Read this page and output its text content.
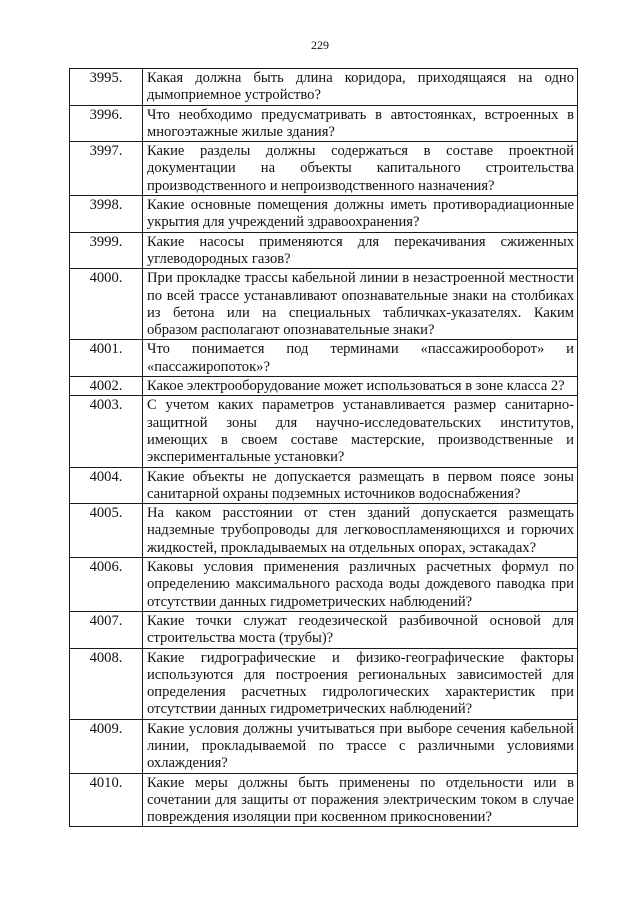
229
3995.	Какая должна быть длина коридора, приходящаяся на одно дымоприемное устройство?
3996.	Что необходимо предусматривать в автостоянках, встроенных в многоэтажные жилые здания?
3997.	Какие разделы должны содержаться в составе проектной документации на объекты капитального строительства производственного и непроизводственного назначения?
3998.	Какие основные помещения должны иметь противорадиационные укрытия для учреждений здравоохранения?
3999.	Какие насосы применяются для перекачивания сжиженных углеводородных газов?
4000.	При прокладке трассы кабельной линии в незастроенной местности по всей трассе устанавливают опознавательные знаки на столбиках из бетона или на специальных табличках-указателях. Каким образом располагают опознавательные знаки?
4001.	Что понимается под терминами «пассажирооборот» и «пассажиропоток»?
4002.	Какое электрооборудование может использоваться в зоне класса 2?
4003.	С учетом каких параметров устанавливается размер санитарно-защитной зоны для научно-исследовательских институтов, имеющих в своем составе мастерские, производственные и экспериментальные установки?
4004.	Какие объекты не допускается размещать в первом поясе зоны санитарной охраны подземных источников водоснабжения?
4005.	На каком расстоянии от стен зданий допускается размещать надземные трубопроводы для легковоспламеняющихся и горючих жидкостей, прокладываемых на отдельных опорах, эстакадах?
4006.	Каковы условия применения различных расчетных формул по определению максимального расхода воды дождевого паводка при отсутствии данных гидрометрических наблюдений?
4007.	Какие точки служат геодезической разбивочной основой для строительства моста (трубы)?
4008.	Какие гидрографические и физико-географические факторы используются для построения региональных зависимостей для определения расчетных гидрологических характеристик при отсутствии данных гидрометрических наблюдений?
4009.	Какие условия должны учитываться при выборе сечения кабельной линии, прокладываемой по трассе с различными условиями охлаждения?
4010.	Какие меры должны быть применены по отдельности или в сочетании для защиты от поражения электрическим током в случае повреждения изоляции при косвенном прикосновении?
